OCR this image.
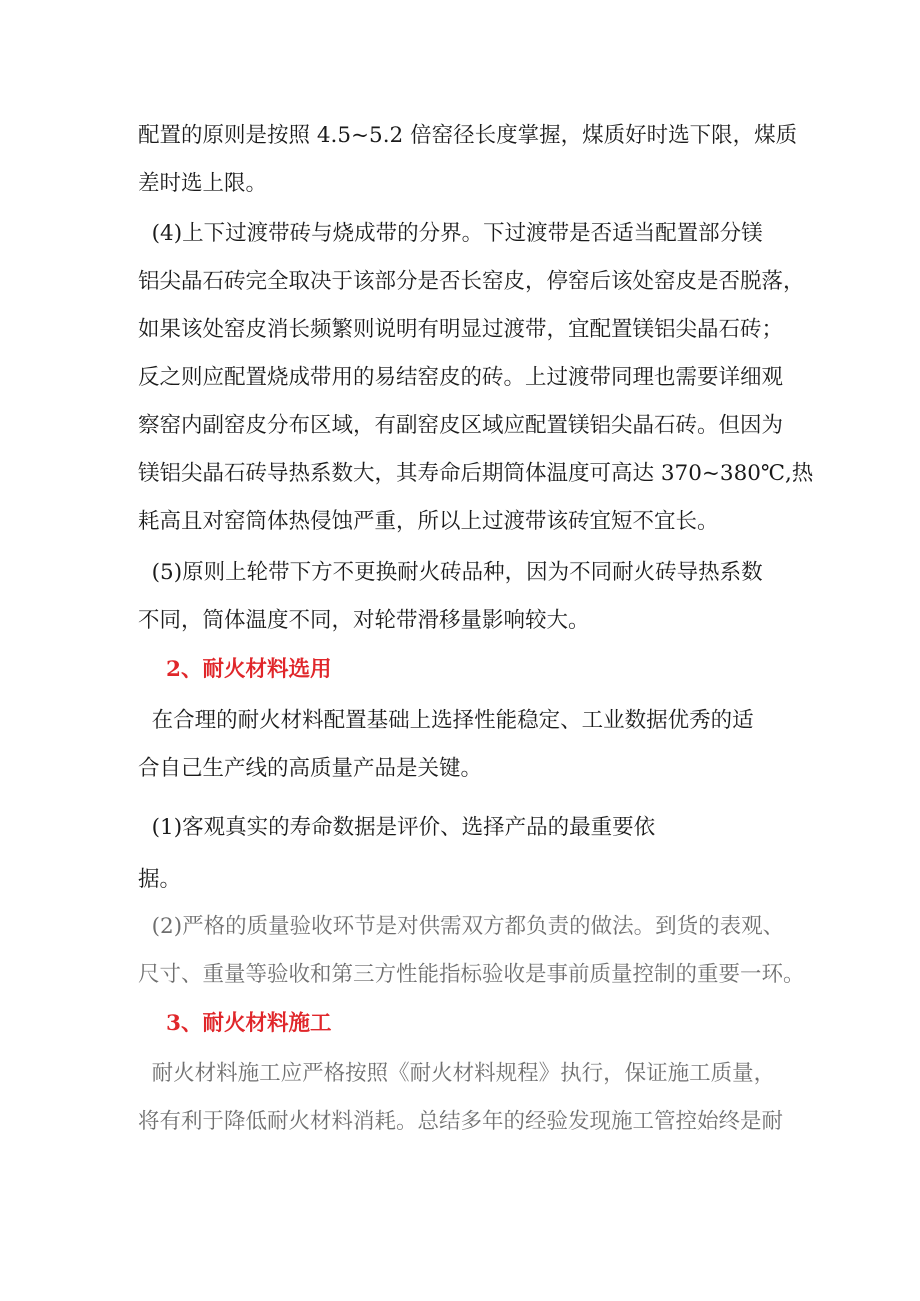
配置的原则是按照 4.5~5.2 倍窑径长度掌握，煤质好时选下限，煤质
差时选上限。

(4)上下过渡带砖与烧成带的分界。下过渡带是否适当配置部分镁
铝尖晶石砖完全取决于该部分是否长窑皮，停窑后该处窑皮是否脱落，
如果该处窑皮消长频繁则说明有明显过渡带，宜配置镁铝尖晶石砖；
反之则应配置烧成带用的易结窑皮的砖。上过渡带同理也需要详细观
察窑内副窑皮分布区域，有副窑皮区域应配置镁铝尖晶石砖。但因为
镁铝尖晶石砖导热系数大，其寿命后期筒体温度可高达 370~380℃,热
耗高且对窑筒体热侵蚀严重，所以上过渡带该砖宜短不宜长。

(5)原则上轮带下方不更换耐火砖品种，因为不同耐火砖导热系数
不同，筒体温度不同，对轮带滑移量影响较大。

2、耐火材料选用

在合理的耐火材料配置基础上选择性能稳定、工业数据优秀的适
合自己生产线的高质量产品是关键。

(1)客观真实的寿命数据是评价、选择产品的最重要依

据。

(2)严格的质量验收环节是对供需双方都负责的做法。到货的表观、
尺寸、重量等验收和第三方性能指标验收是事前质量控制的重要一环。

3、耐火材料施工

耐火材料施工应严格按照《耐火材料规程》执行，保证施工质量，
将有利于降低耐火材料消耗。总结多年的经验发现施工管控始终是耐
